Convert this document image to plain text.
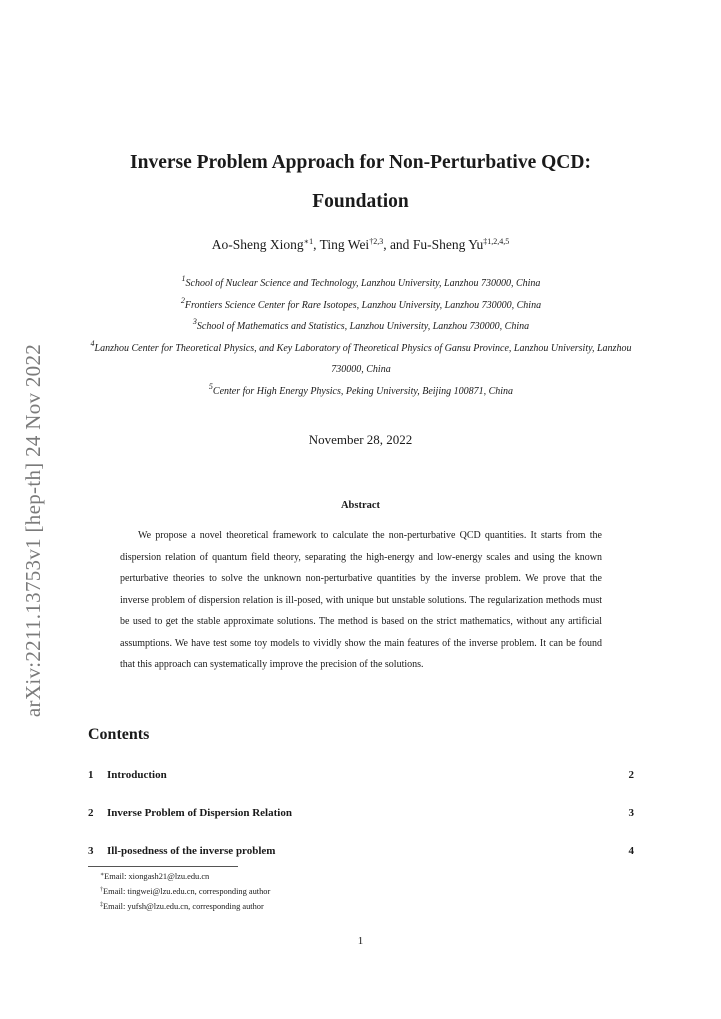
arXiv:2211.13753v1 [hep-th] 24 Nov 2022
Inverse Problem Approach for Non-Perturbative QCD:
Foundation
Ao-Sheng Xiong$^{∗1}$, Ting Wei$^{\dagger 2,3}$, and Fu-Sheng Yu$^{\ddagger 1,2,4,5}$
$^1$School of Nuclear Science and Technology, Lanzhou University, Lanzhou 730000, China
$^2$Frontiers Science Center for Rare Isotopes, Lanzhou University, Lanzhou 730000, China
$^3$School of Mathematics and Statistics, Lanzhou University, Lanzhou 730000, China
$^4$Lanzhou Center for Theoretical Physics, and Key Laboratory of Theoretical Physics of Gansu Province, Lanzhou University, Lanzhou 730000, China
$^5$Center for High Energy Physics, Peking University, Beijing 100871, China
November 28, 2022
Abstract
We propose a novel theoretical framework to calculate the non-perturbative QCD quantities. It starts from the dispersion relation of quantum field theory, separating the high-energy and low-energy scales and using the known perturbative theories to solve the unknown non-perturbative quantities by the inverse problem. We prove that the inverse problem of dispersion relation is ill-posed, with unique but unstable solutions. The regularization methods must be used to get the stable approximate solutions. The method is based on the strict mathematics, without any artificial assumptions. We have test some toy models to vividly show the main features of the inverse problem. It can be found that this approach can systematically improve the precision of the solutions.
Contents
1	Introduction	2
2	Inverse Problem of Dispersion Relation	3
3	Ill-posedness of the inverse problem	4
∗Email: xiongash21@lzu.edu.cn
†Email: tingwei@lzu.edu.cn, corresponding author
‡Email: yufsh@lzu.edu.cn, corresponding author
1
